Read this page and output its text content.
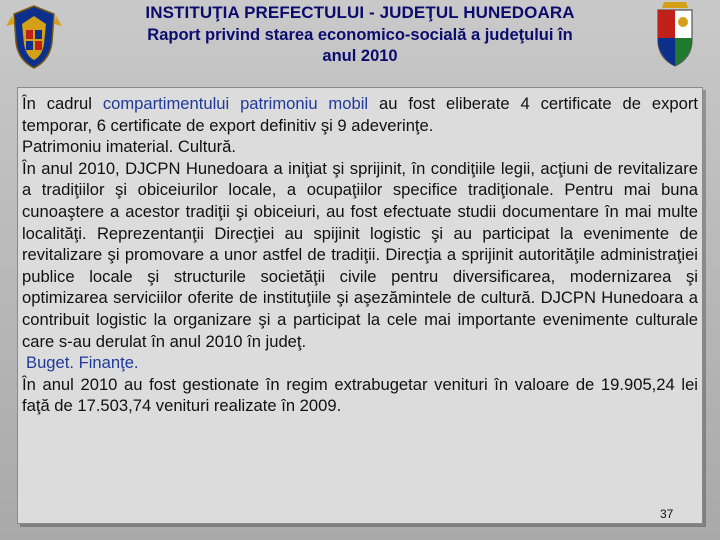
INSTITUŢIA PREFECTULUI - JUDEŢUL HUNEDOARA
Raport privind starea economico-socială a judeţului în
anul 2010

În cadrul compartimentului patrimoniu mobil au fost eliberate 4 certificate de export temporar, 6 certificate de export definitiv şi 9 adeverinţe.

Patrimoniu imaterial. Cultură.

În anul 2010, DJCPN Hunedoara a iniţiat şi sprijinit, în condiţiile legii, acţiuni de revitalizare a tradiţiilor şi obiceiurilor locale, a ocupaţiilor specifice tradiţionale. Pentru mai buna cunoaştere a acestor tradiţii şi obiceiuri, au fost efectuate studii documentare în mai multe localităţi. Reprezentanţii Direcţiei au spijinit logistic şi au participat la evenimente de revitalizare şi promovare a unor astfel de tradiţii. Direcţia a sprijinit autorităţile administraţiei publice locale şi structurile societăţii civile pentru diversificarea, modernizarea şi optimizarea serviciilor oferite de instituţiile şi aşezămintele de cultură. DJCPN Hunedoara a contribuit logistic la organizare şi a participat la cele mai importante evenimente culturale care s-au derulat în anul 2010 în judeţ.

Buget. Finanţe.

În anul 2010 au fost gestionate în regim extrabugetar venituri în valoare de 19.905,24 lei faţă de 17.503,74 venituri realizate în 2009.

37
